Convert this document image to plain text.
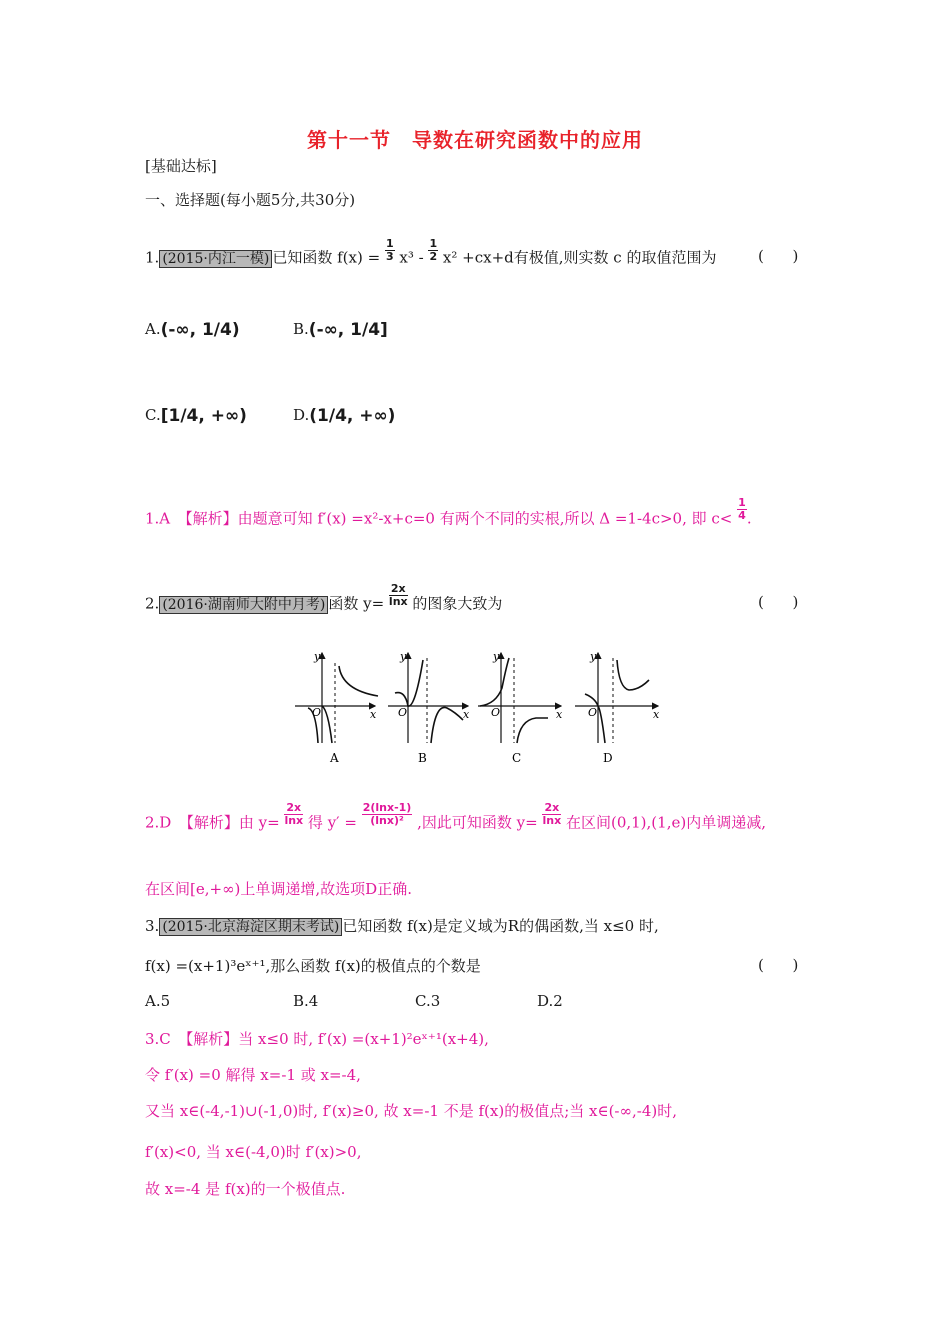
第十一节　导数在研究函数中的应用
[基础达标]
一、选择题(每小题5分,共30分)
1. (2015·内江一模) 已知函数 $f(x) = \frac{1}{3} x^3 - \frac{1}{2} x^2 +cx+d$有极值,则实数 c 的取值范围为	(      )
A.(-∞, 1/4)	B.(-∞, 1/4]
C.[1/4, +∞)	D.(1/4, +∞)
1.A　【解析】由题意可知 f′(x) =x²-x+c=0 有两个不同的实根,所以 Δ =1-4c>0, 即 $c< \frac{1}{4}$ .
2. (2016·湖南师大附中月考) 函数 $y= \frac{2x}{\ln x}$ 的图象大致为	(      )
y
x
O
A
y
x
O
B
y
x
O
C
y
x
O
D
2.D　【解析】由 $y= \frac{2x}{\ln x}$ 得 $y' = \frac{2(\ln x-1)}{\text{(lnx)²}}$ ,因此可知函数 $y= \frac{2x}{\ln x}$ 在区间(0,1),(1,e)内单调递减,
在区间[e,+∞)上单调递增,故选项D正确.
3. (2015·北京海淀区期末考试) 已知函数 f(x)是定义域为R的偶函数,当 x≤0 时,
f(x) =(x+1)³eˣ⁺¹,那么函数 f(x)的极值点的个数是	(      )
A.5	B.4	C.3	D.2
3.C　【解析】当 x≤0 时, f′(x) =(x+1)²eˣ⁺¹(x+4),
令 f′(x) =0 解得 x=-1 或 x=-4,
又当 x∈(-4,-1)∪(-1,0)时, f′(x)≥0, 故 x=-1 不是 f(x)的极值点;当 x∈(-∞,-4)时,
f′(x)<0, 当 x∈(-4,0)时 f′(x)>0,
故 x=-4 是 f(x)的一个极值点.
